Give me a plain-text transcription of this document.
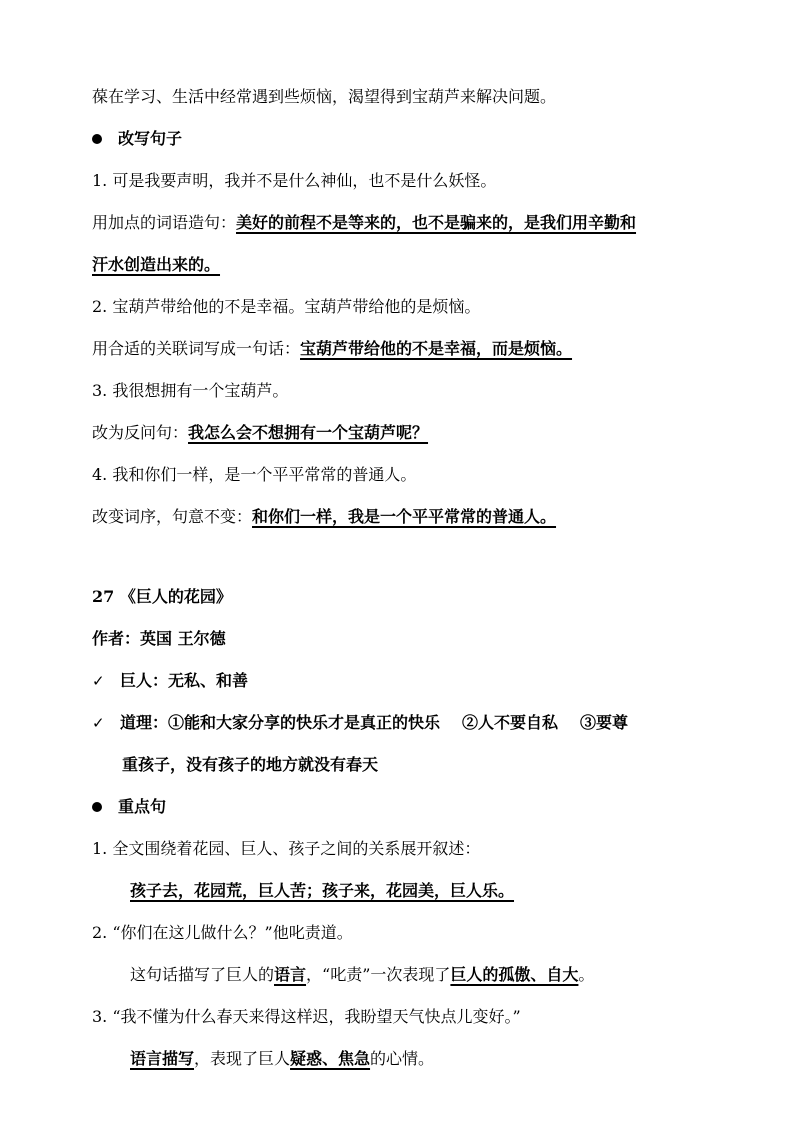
葆在学习、生活中经常遇到些烦恼，渴望得到宝葫芦来解决问题。
改写句子
1. 可是我要声明，我并不是什么神仙，也不是什么妖怪。
用加点的词语造句：美好的前程不是等来的，也不是骗来的，是我们用辛勤和
汗水创造出来的。
2. 宝葫芦带给他的不是幸福。宝葫芦带给他的是烦恼。
用合适的关联词写成一句话：宝葫芦带给他的不是幸福，而是烦恼。
3. 我很想拥有一个宝葫芦。
改为反问句：我怎么会不想拥有一个宝葫芦呢？
4. 我和你们一样，是一个平平常常的普通人。
改变词序，句意不变：和你们一样，我是一个平平常常的普通人。
27 《巨人的花园》
作者：英国 王尔德
✓ 巨人：无私、和善
✓ 道理：①能和大家分享的快乐才是真正的快乐 ②人不要自私 ③要尊
重孩子，没有孩子的地方就没有春天
重点句
1. 全文围绕着花园、巨人、孩子之间的关系展开叙述：
孩子去，花园荒，巨人苦；孩子来，花园美，巨人乐。
2. “你们在这儿做什么？”他叱责道。
这句话描写了巨人的语言，“叱责”一次表现了巨人的孤傲、自大。
3. “我不懂为什么春天来得这样迟，我盼望天气快点儿变好。”
语言描写，表现了巨人疑惑、焦急的心情。
